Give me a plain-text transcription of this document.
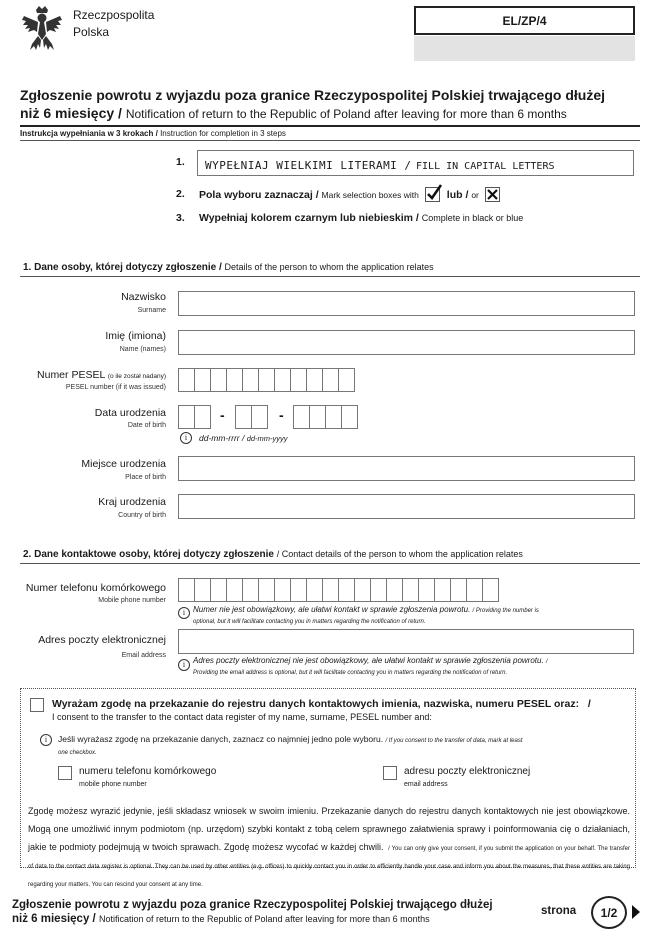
Rzeczpospolita
Polska
EL/ZP/4
Zgłoszenie powrotu z wyjazdu poza granice Rzeczypospolitej Polskiej trwającego dłużej
niż 6 miesięcy / Notification of return to the Republic of Poland after leaving for more than 6 months
Instrukcja wypełniania w 3 krokach / Instruction for completion in 3 steps
1.	WYPEŁNIAJ WIELKIMI LITERAMI / FILL IN CAPITAL LETTERS
2. Pola wyboru zaznaczaj /
Mark selection boxes with
	lub /
or
3. Wypełniaj kolorem czarnym lub niebieskim / Complete in black or blue
1. Dane osoby, której dotyczy zgłoszenie / Details of the person to whom the application relates
Nazwisko
Surname
Imię (imiona)
Name (names)
Numer PESEL (o ile został nadany)
PESEL number (if it was issued)
Data urodzenia
Date of birth
-	-
i	dd-mm-rrrr / dd-mm-yyyy
Miejsce urodzenia
Place of birth
Kraj urodzenia
Country of birth
2. Dane kontaktowe osoby, której dotyczy zgłoszenie / Contact details of the person to whom the application relates
Numer telefonu komórkowego
Mobile phone number
i Numer nie jest obowiązkowy, ale ułatwi kontakt w sprawie zgłoszenia powrotu. / Providing the number is
optional, but it will facilitate contacting you in matters regarding the notification of return.
Adres poczty elektronicznej
Email address
i Adres poczty elektronicznej nie jest obowiązkowy, ale ułatwi kontakt w sprawie zgłoszenia powrotu. /
Providing the email address is optional, but it will facilitate contacting you in matters regarding the notification of return.
Wyrażam zgodę na przekazanie do rejestru danych kontaktowych imienia, nazwiska, numeru PESEL oraz: /
I consent to the transfer to the contact data register of my name, surname, PESEL number and:
i	Jeśli wyrażasz zgodę na przekazanie danych, zaznacz co najmniej jedno pole wyboru. / If you consent to the transfer of data, mark at least
one checkbox.
numeru telefonu komórkowego
mobile phone number
adresu poczty elektronicznej
email address
Zgodę możesz wyrazić jedynie, jeśli składasz wniosek w swoim imieniu. Przekazanie danych do rejestru danych kontaktowych nie jest obowiązkowe. Mogą one umożliwić innym podmiotom (np. urzędom) szybki kontakt z tobą celem sprawnego załatwienia sprawy i poinformowania cię o działaniach, jakie te podmioty podejmują w twoich sprawach. Zgodę możesz wycofać w każdej chwili. / You can only give your consent, if you submit the application on your behalf. The transfer of data to the contact data register is optional. They can be used by other entities (e.g. offices) to quickly contact you in order to efficiently handle your case and inform you about the measures, that these entities are taking regarding your matters. You can rescind your consent at any time.
Zgłoszenie powrotu z wyjazdu poza granice Rzeczypospolitej Polskiej trwającego dłużej
niż 6 miesięcy / Notification of return to the Republic of Poland after leaving for more than 6 months
strona 1/2
